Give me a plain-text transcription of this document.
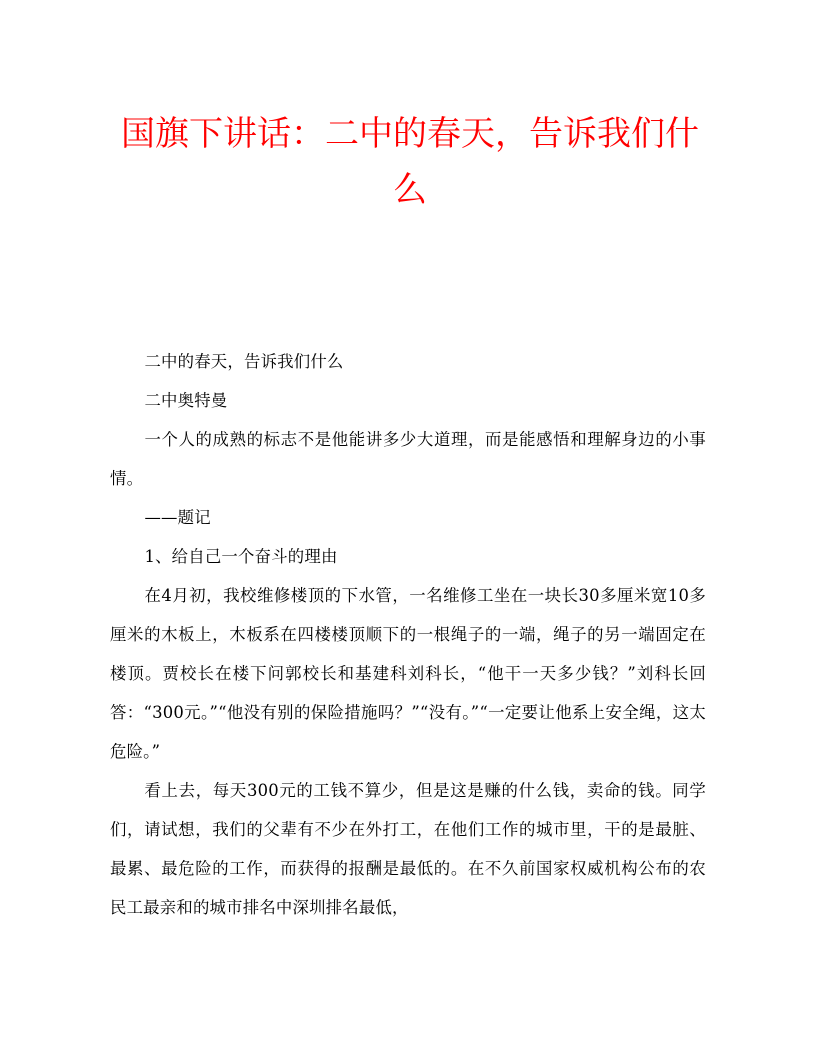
国旗下讲话：二中的春天，告诉我们什么

二中的春天，告诉我们什么

二中奥特曼

一个人的成熟的标志不是他能讲多少大道理，而是能感悟和理解身边的小事情。

——题记

1、给自己一个奋斗的理由

在4月初，我校维修楼顶的下水管，一名维修工坐在一块长30多厘米宽10多厘米的木板上，木板系在四楼楼顶顺下的一根绳子的一端，绳子的另一端固定在楼顶。贾校长在楼下问郭校长和基建科刘科长，“他干一天多少钱？”刘科长回答：“300元。”“他没有别的保险措施吗？”“没有。”“一定要让他系上安全绳，这太危险。”

看上去，每天300元的工钱不算少，但是这是赚的什么钱，卖命的钱。同学们，请试想，我们的父辈有不少在外打工，在他们工作的城市里，干的是最脏、最累、最危险的工作，而获得的报酬是最低的。在不久前国家权威机构公布的农民工最亲和的城市排名中深圳排名最低，
